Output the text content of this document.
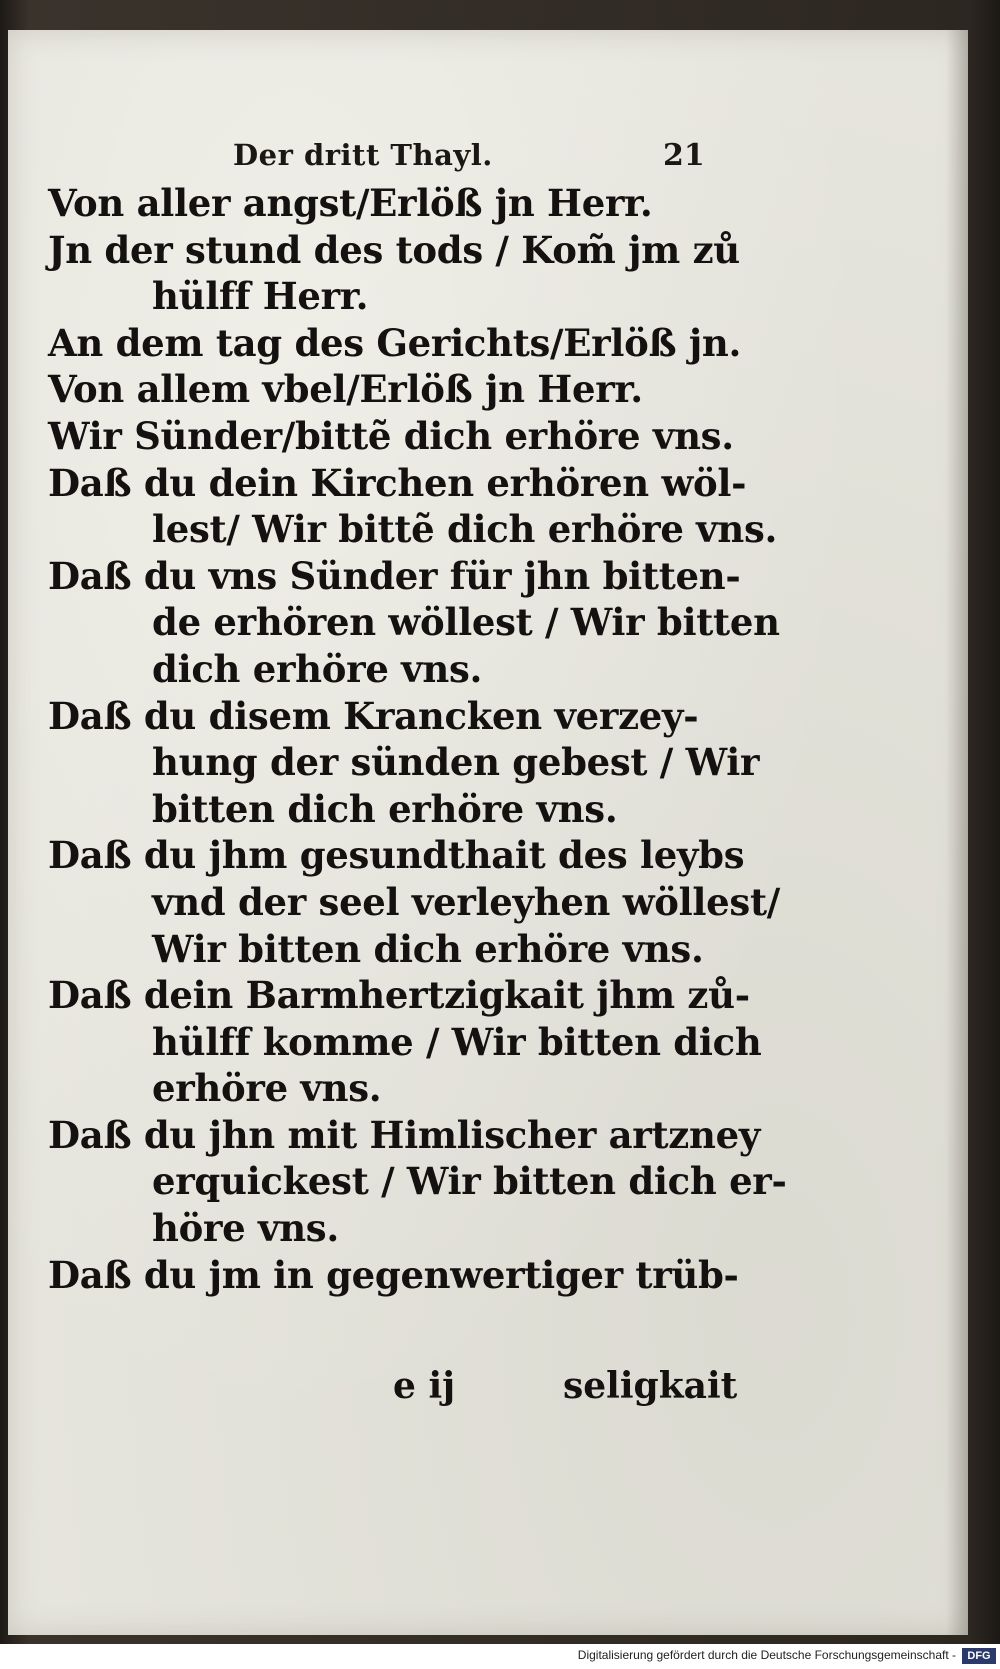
Der dritt Thayl.	21
Von aller angst/Erlöß jn Herr.
Jn der stund des tods / Kom̃ jm zů
hülff Herr.
An dem tag des Gerichts/Erlöß jn.
Von allem vbel/Erlöß jn Herr.
Wir Sünder/bittẽ dich erhöre vns.
Daß du dein Kirchen erhören wöl-
lest/ Wir bittẽ dich erhöre vns.
Daß du vns Sünder für jhn bitten-
de erhören wöllest / Wir bitten
dich erhöre vns.
Daß du disem Krancken verzey-
hung der sünden gebest / Wir
bitten dich erhöre vns.
Daß du jhm gesundthait des leybs
vnd der seel verleyhen wöllest/
Wir bitten dich erhöre vns.
Daß dein Barmhertzigkait jhm zů-
hülff komme / Wir bitten dich
erhöre vns.
Daß du jhn mit Himlischer artzney
erquickest / Wir bitten dich er-
höre vns.
Daß du jm in gegenwertiger trüb-
e ij	seligkait
Digitalisierung gefördert durch die Deutsche Forschungsgemeinschaft -	DFG
